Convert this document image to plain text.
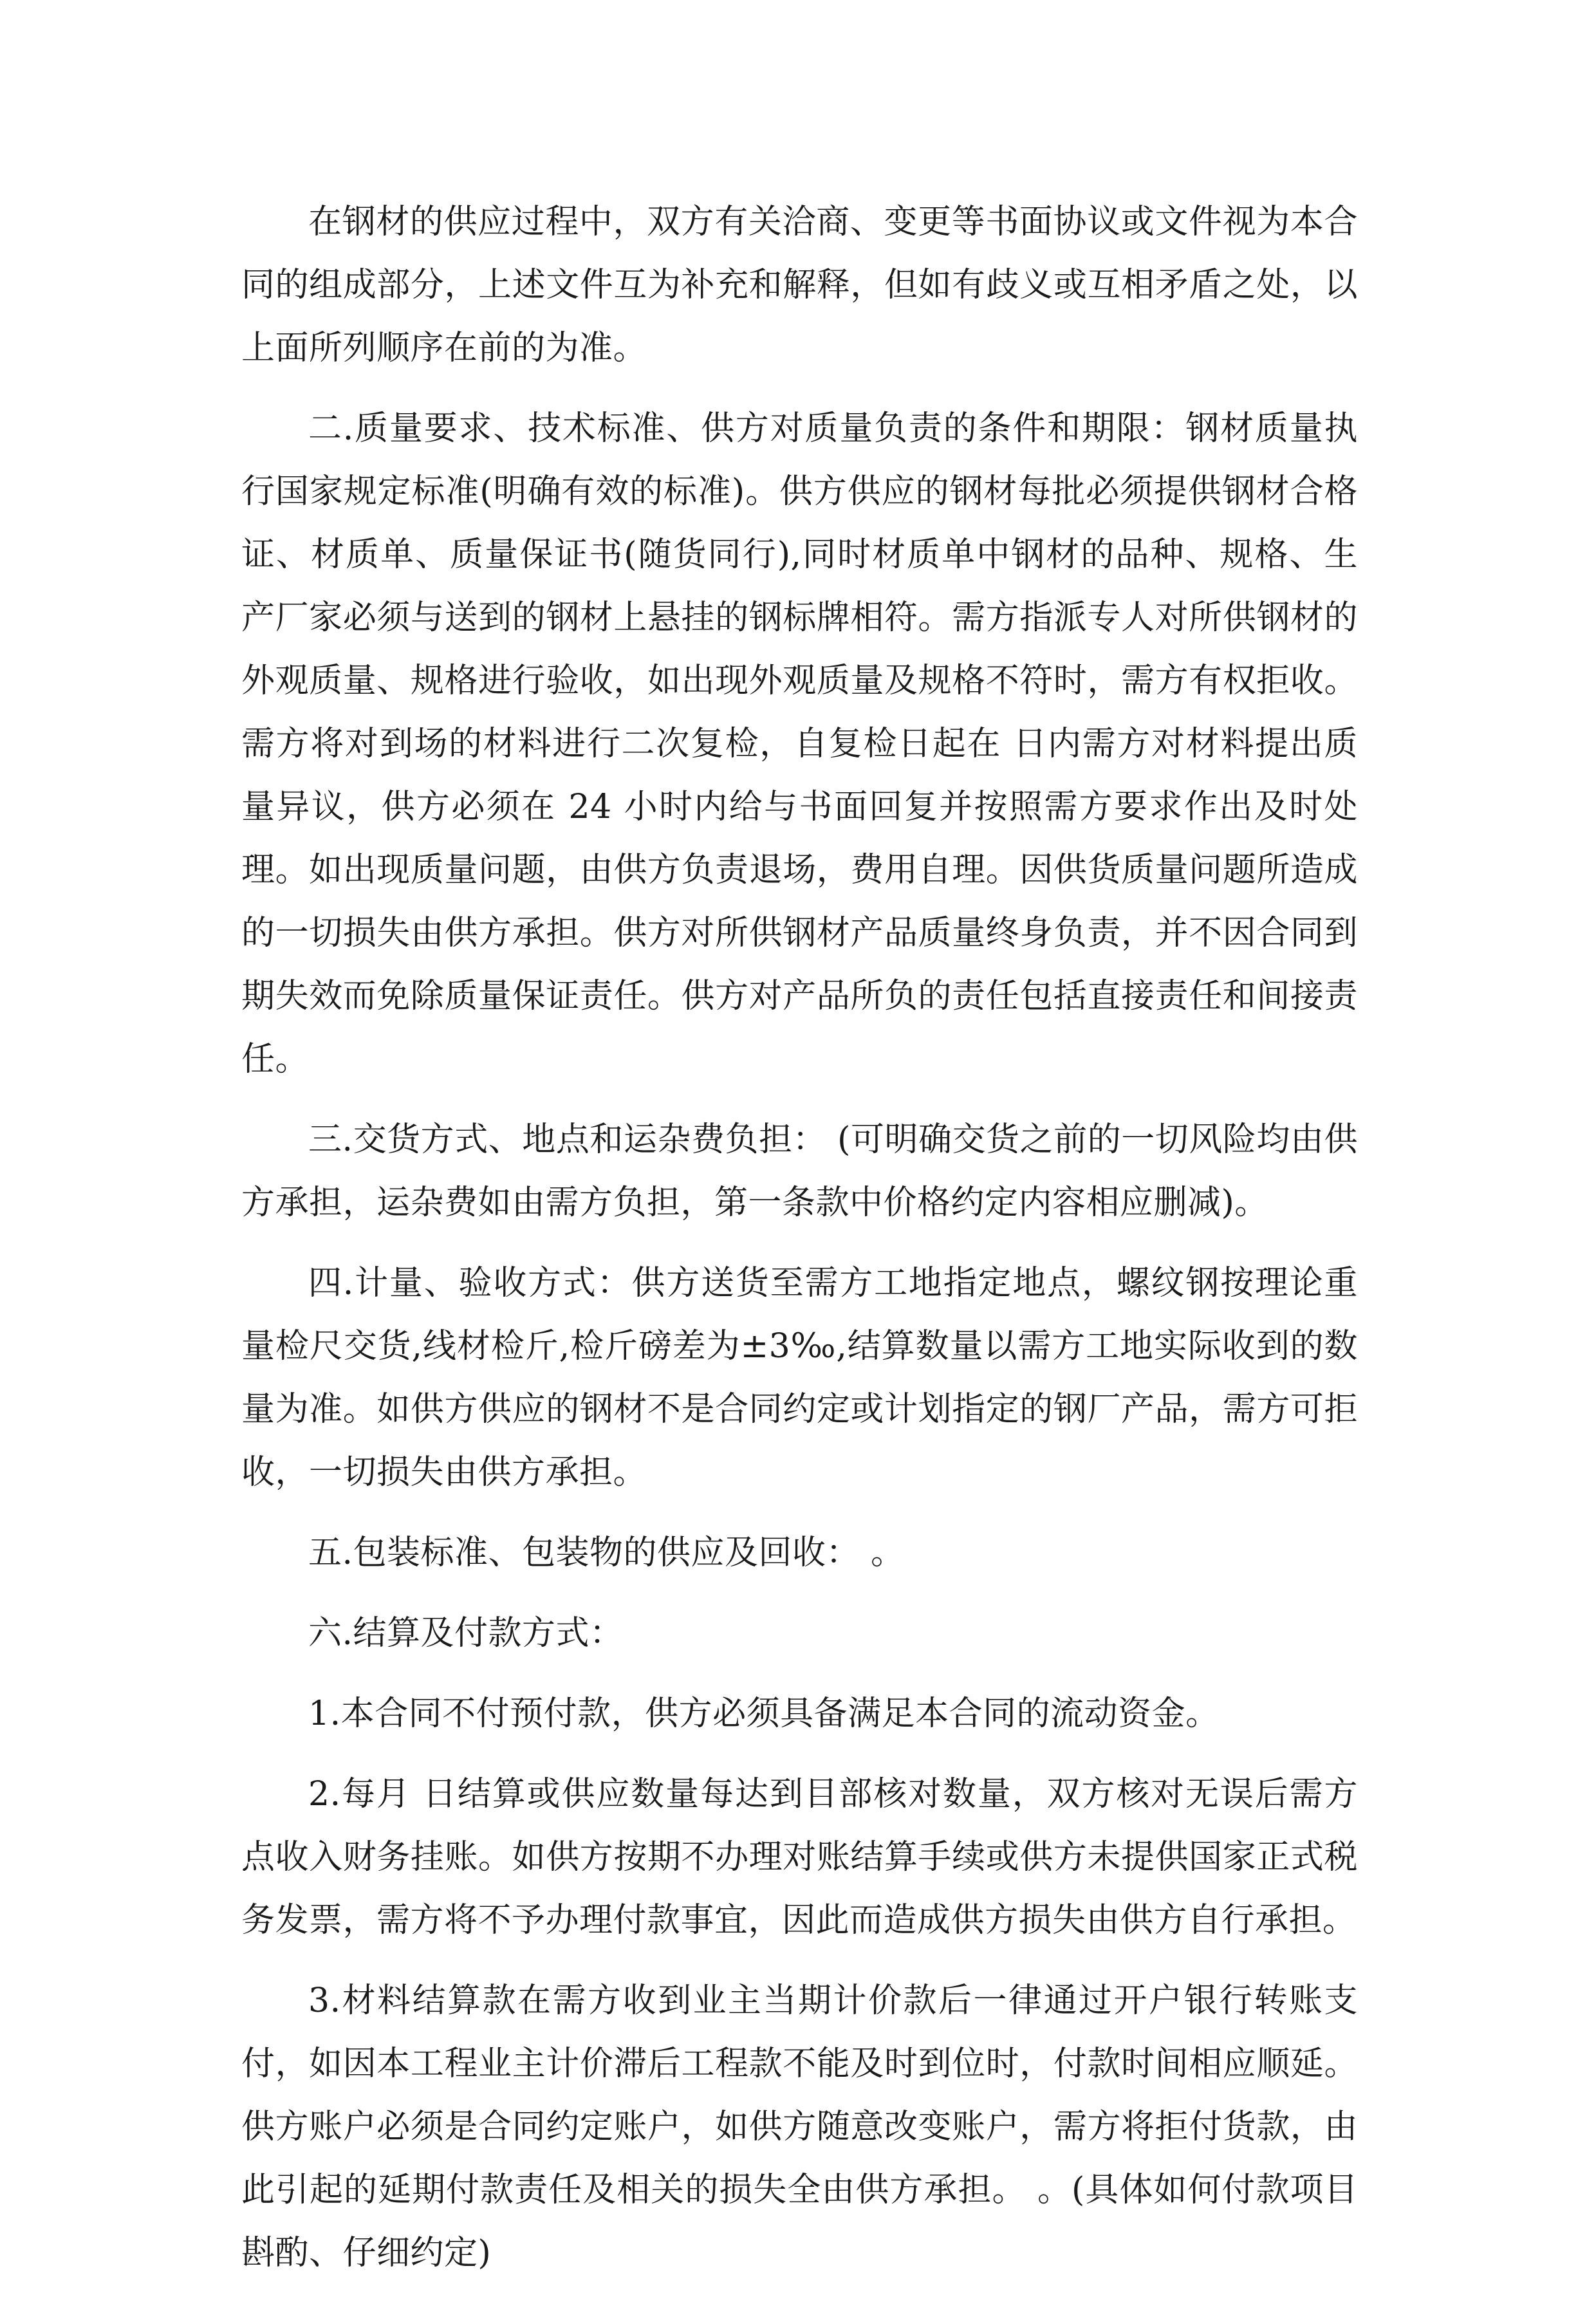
在钢材的供应过程中，双方有关洽商、变更等书面协议或文件视为本合同的组成部分，上述文件互为补充和解释，但如有歧义或互相矛盾之处，以上面所列顺序在前的为准。

二.质量要求、技术标准、供方对质量负责的条件和期限：钢材质量执行国家规定标准(明确有效的标准)。供方供应的钢材每批必须提供钢材合格证、材质单、质量保证书(随货同行),同时材质单中钢材的品种、规格、生产厂家必须与送到的钢材上悬挂的钢标牌相符。需方指派专人对所供钢材的外观质量、规格进行验收，如出现外观质量及规格不符时，需方有权拒收。需方将对到场的材料进行二次复检，自复检日起在 日内需方对材料提出质量异议，供方必须在 24 小时内给与书面回复并按照需方要求作出及时处理。如出现质量问题，由供方负责退场，费用自理。因供货质量问题所造成的一切损失由供方承担。供方对所供钢材产品质量终身负责，并不因合同到期失效而免除质量保证责任。供方对产品所负的责任包括直接责任和间接责任。

三.交货方式、地点和运杂费负担： (可明确交货之前的一切风险均由供方承担，运杂费如由需方负担，第一条款中价格约定内容相应删减)。

四.计量、验收方式：供方送货至需方工地指定地点，螺纹钢按理论重量检尺交货,线材检斤,检斤磅差为±3‰,结算数量以需方工地实际收到的数量为准。如供方供应的钢材不是合同约定或计划指定的钢厂产品，需方可拒收，一切损失由供方承担。

五.包装标准、包装物的供应及回收： 。

六.结算及付款方式：

1.本合同不付预付款，供方必须具备满足本合同的流动资金。

2.每月 日结算或供应数量每达到目部核对数量，双方核对无误后需方点收入财务挂账。如供方按期不办理对账结算手续或供方未提供国家正式税务发票，需方将不予办理付款事宜，因此而造成供方损失由供方自行承担。

3.材料结算款在需方收到业主当期计价款后一律通过开户银行转账支付，如因本工程业主计价滞后工程款不能及时到位时，付款时间相应顺延。供方账户必须是合同约定账户，如供方随意改变账户，需方将拒付货款，由此引起的延期付款责任及相关的损失全由供方承担。 。(具体如何付款项目斟酌、仔细约定)
